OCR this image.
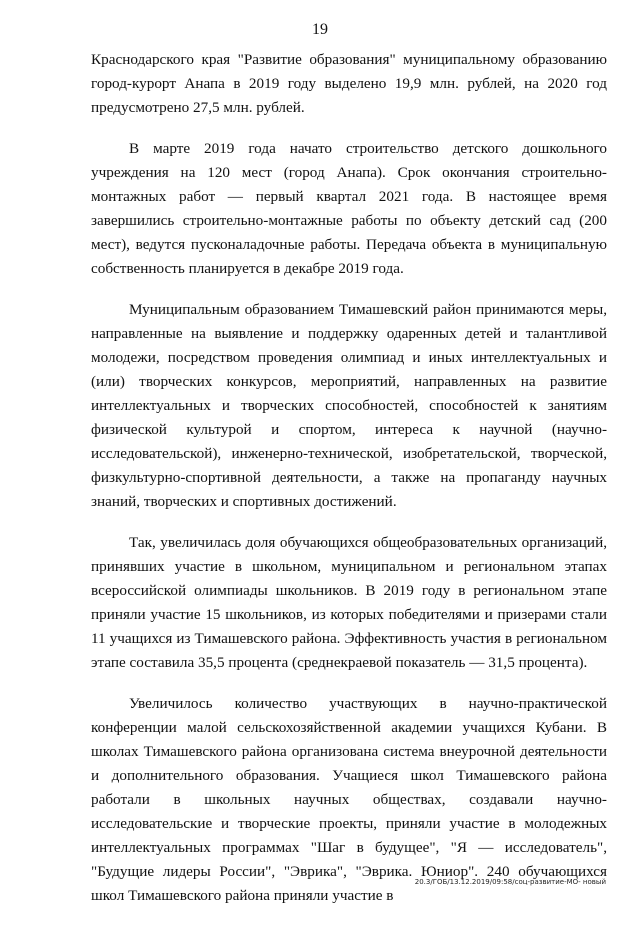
19

Краснодарского края "Развитие образования" муниципальному образованию город-курорт Анапа в 2019 году выделено 19,9 млн. рублей, на 2020 год предусмотрено 27,5 млн. рублей.

В марте 2019 года начато строительство детского дошкольного учреждения на 120 мест (город Анапа). Срок окончания строительно-монтажных работ — первый квартал 2021 года. В настоящее время завершились строительно-монтажные работы по объекту детский сад (200 мест), ведутся пусконаладочные работы. Передача объекта в муниципальную собственность планируется в декабре 2019 года.

Муниципальным образованием Тимашевский район принимаются меры, направленные на выявление и поддержку одаренных детей и талантливой молодежи, посредством проведения олимпиад и иных интеллектуальных и (или) творческих конкурсов, мероприятий, направленных на развитие интеллектуальных и творческих способностей, способностей к занятиям физической культурой и спортом, интереса к научной (научно-исследовательской), инженерно-технической, изобретательской, творческой, физкультурно-спортивной деятельности, а также на пропаганду научных знаний, творческих и спортивных достижений.

Так, увеличилась доля обучающихся общеобразовательных организаций, принявших участие в школьном, муниципальном и региональном этапах всероссийской олимпиады школьников. В 2019 году в региональном этапе приняли участие 15 школьников, из которых победителями и призерами стали 11 учащихся из Тимашевского района. Эффективность участия в региональном этапе составила 35,5 процента (среднекраевой показатель — 31,5 процента).

Увеличилось количество участвующих в научно-практической конференции малой сельскохозяйственной академии учащихся Кубани. В школах Тимашевского района организована система внеурочной деятельности и дополнительного образования. Учащиеся школ Тимашевского района работали в школьных научных обществах, создавали научно-исследовательские и творческие проекты, приняли участие в молодежных интеллектуальных программах "Шаг в будущее", "Я — исследователь", "Будущие лидеры России", "Эврика", "Эврика. Юниор". 240 обучающихся школ Тимашевского района приняли участие в

20.3/ГОБ/13.12.2019/09:58/соц-развитие-МО- новый
